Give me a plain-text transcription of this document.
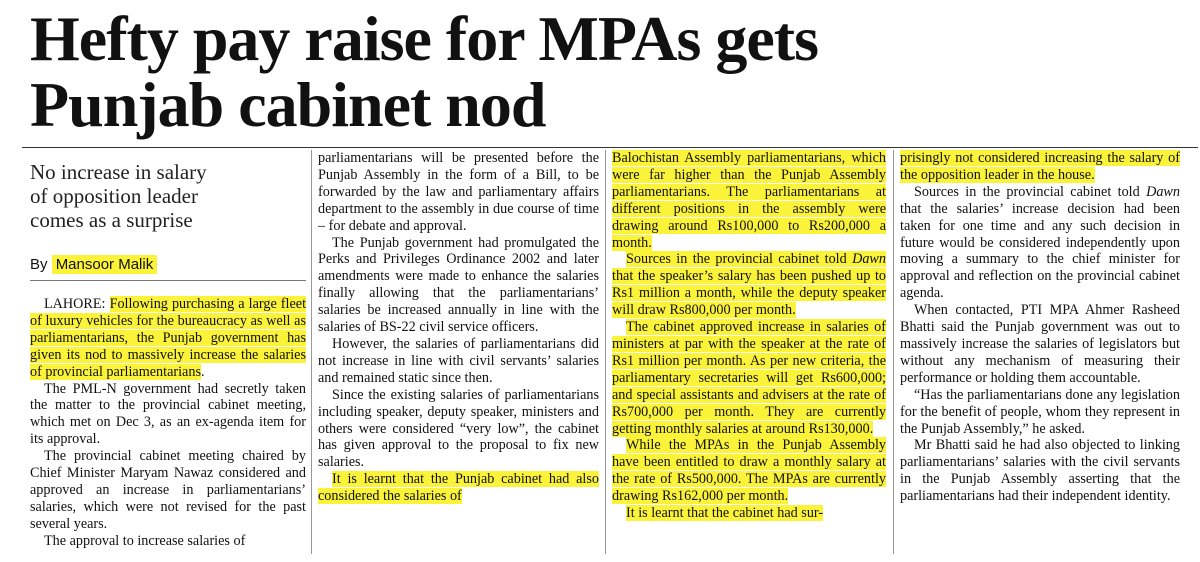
Hefty pay raise for MPAs gets
Punjab cabinet nod
No increase in salary
of opposition leader
comes as a surprise
By Mansoor Malik

LAHORE: Following purchasing a large fleet of luxury vehicles for the bureaucracy as well as parliamentarians, the Punjab government has given its nod to massively increase the salaries of provincial parliamentarians.

The PML-N government had secretly taken the matter to the provincial cabinet meeting, which met on Dec 3, as an ex-agenda item for its approval.

The provincial cabinet meeting chaired by Chief Minister Maryam Nawaz considered and approved an increase in parliamentarians’ salaries, which were not revised for the past several years.

The approval to increase salaries of

parliamentarians will be presented before the Punjab Assembly in the form of a Bill, to be forwarded by the law and parliamentary affairs department to the assembly in due course of time – for debate and approval.

The Punjab government had promulgated the Perks and Privileges Ordinance 2002 and later amendments were made to enhance the salaries finally allowing that the parliamentarians’ salaries be increased annually in line with the salaries of BS-22 civil service officers.

However, the salaries of parliamentarians did not increase in line with civil servants’ salaries and remained static since then.

Since the existing salaries of parliamentarians including speaker, deputy speaker, ministers and others were considered “very low”, the cabinet has given approval to the proposal to fix new salaries.

It is learnt that the Punjab cabinet had also considered the salaries of

Balochistan Assembly parliamentarians, which were far higher than the Punjab Assembly parliamentarians. The parliamentarians at different positions in the assembly were drawing around Rs100,000 to Rs200,000 a month.

Sources in the provincial cabinet told Dawn that the speaker’s salary has been pushed up to Rs1 million a month, while the deputy speaker will draw Rs800,000 per month.

The cabinet approved increase in salaries of ministers at par with the speaker at the rate of Rs1 million per month. As per new criteria, the parliamentary secretaries will get Rs600,000; and special assistants and advisers at the rate of Rs700,000 per month. They are currently getting monthly salaries at around Rs130,000.

While the MPAs in the Punjab Assembly have been entitled to draw a monthly salary at the rate of Rs500,000. The MPAs are currently drawing Rs162,000 per month.

It is learnt that the cabinet had sur-

prisingly not considered increasing the salary of the opposition leader in the house.

Sources in the provincial cabinet told Dawn that the salaries’ increase decision had been taken for one time and any such decision in future would be considered independently upon moving a summary to the chief minister for approval and reflection on the provincial cabinet agenda.

When contacted, PTI MPA Ahmer Rasheed Bhatti said the Punjab government was out to massively increase the salaries of legislators but without any mechanism of measuring their performance or holding them accountable.

“Has the parliamentarians done any legislation for the benefit of people, whom they represent in the Punjab Assembly,” he asked.

Mr Bhatti said he had also objected to linking parliamentarians’ salaries with the civil servants in the Punjab Assembly asserting that the parliamentarians had their independent identity.
